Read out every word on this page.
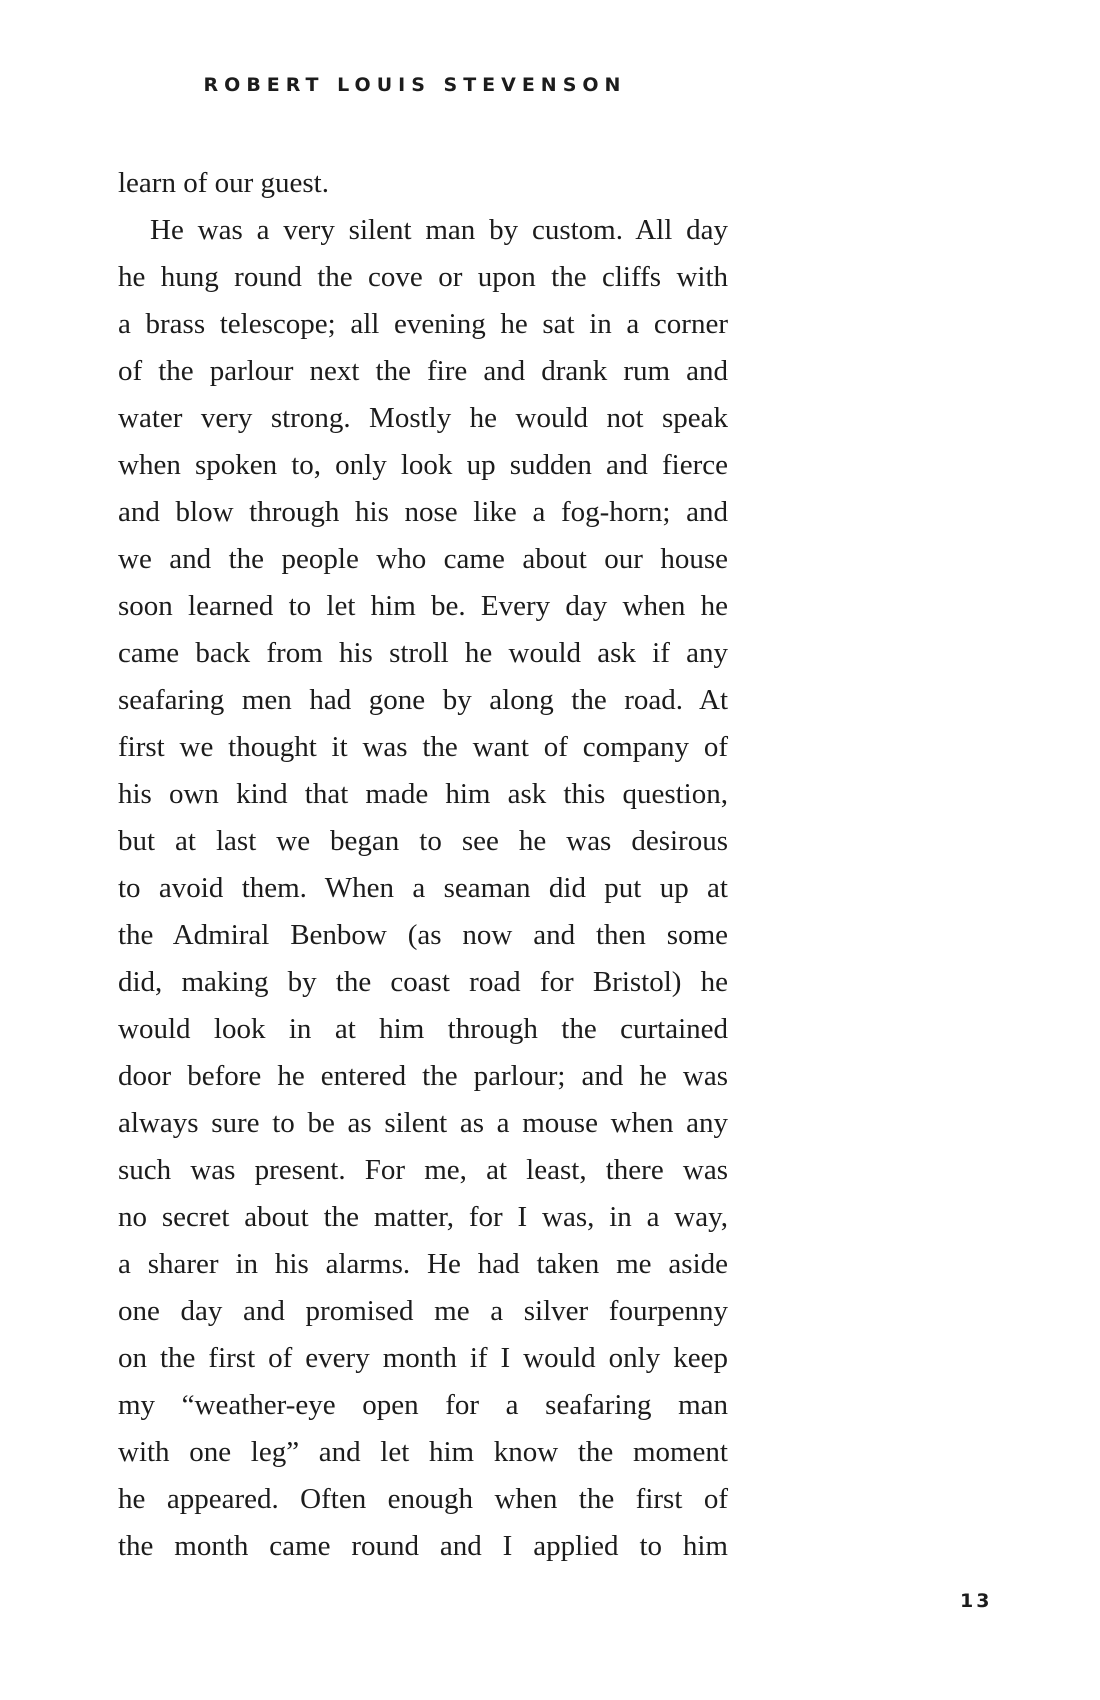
ROBERT LOUIS STEVENSON
learn of our guest.
He was a very silent man by custom. All day
he hung round the cove or upon the cliffs with
a brass telescope; all evening he sat in a corner
of the parlour next the fire and drank rum and
water very strong. Mostly he would not speak
when spoken to, only look up sudden and fierce
and blow through his nose like a fog-horn; and
we and the people who came about our house
soon learned to let him be. Every day when he
came back from his stroll he would ask if any
seafaring men had gone by along the road. At
first we thought it was the want of company of
his own kind that made him ask this question,
but at last we began to see he was desirous
to avoid them. When a seaman did put up at
the Admiral Benbow (as now and then some
did, making by the coast road for Bristol) he
would look in at him through the curtained
door before he entered the parlour; and he was
always sure to be as silent as a mouse when any
such was present. For me, at least, there was
no secret about the matter, for I was, in a way,
a sharer in his alarms. He had taken me aside
one day and promised me a silver fourpenny
on the first of every month if I would only keep
my “weather-eye open for a seafaring man
with one leg” and let him know the moment
he appeared. Often enough when the first of
the month came round and I applied to him
13
